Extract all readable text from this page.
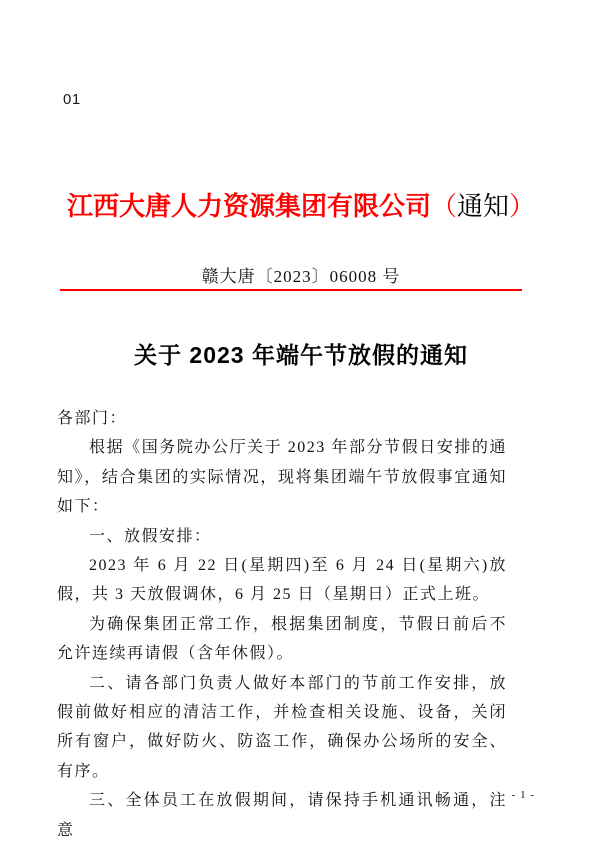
01
江西大唐人力资源集团有限公司（通知）
赣大唐〔2023〕06008 号
关于 2023 年端午节放假的通知

各部门：

根据《国务院办公厅关于 2023 年部分节假日安排的通知》，结合集团的实际情况，现将集团端午节放假事宜通知如下：

一、放假安排：

2023 年 6 月 22 日(星期四)至 6 月 24 日(星期六)放假，共 3 天放假调休，6 月 25 日（星期日）正式上班。

为确保集团正常工作，根据集团制度，节假日前后不允许连续再请假（含年休假）。

二、请各部门负责人做好本部门的节前工作安排，放假前做好相应的清洁工作，并检查相关设施、设备，关闭所有窗户，做好防火、防盗工作，确保办公场所的安全、有序。

三、全体员工在放假期间，请保持手机通讯畅通，注意

- 1 -
